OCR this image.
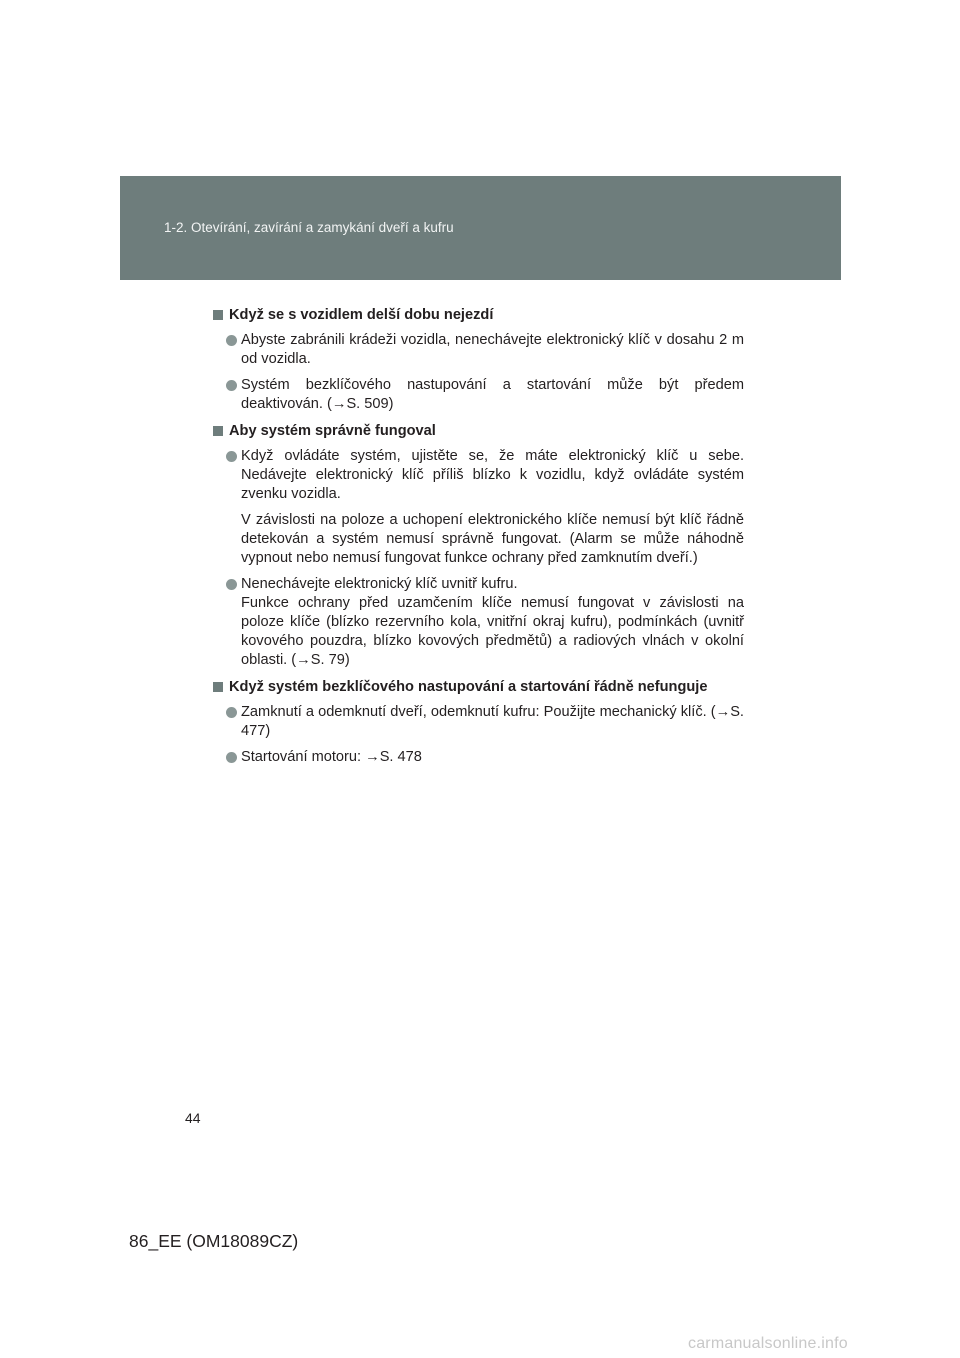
1-2. Otevírání, zavírání a zamykání dveří a kufru
Když se s vozidlem delší dobu nejezdí

Abyste zabránili krádeži vozidla, nenechávejte elektronický klíč v dosahu 2 m od vozidla.

Systém bezklíčového nastupování a startování může být předem deaktivován. (→S. 509)

Aby systém správně fungoval

Když ovládáte systém, ujistěte se, že máte elektronický klíč u sebe. Nedávejte elektronický klíč příliš blízko k vozidlu, když ovládáte systém zvenku vozidla.

V závislosti na poloze a uchopení elektronického klíče nemusí být klíč řádně detekován a systém nemusí správně fungovat. (Alarm se může náhodně vypnout nebo nemusí fungovat funkce ochrany před zamknutím dveří.)

Nenechávejte elektronický klíč uvnitř kufru.

Funkce ochrany před uzamčením klíče nemusí fungovat v závislosti na poloze klíče (blízko rezervního kola, vnitřní okraj kufru), podmínkách (uvnitř kovového pouzdra, blízko kovových předmětů) a radiových vlnách v okolní oblasti. (→S. 79)

Když systém bezklíčového nastupování a startování řádně nefunguje

Zamknutí a odemknutí dveří, odemknutí kufru: Použijte mechanický klíč. (→S. 477)

Startování motoru: →S. 478

44
86_EE (OM18089CZ)
carmanualsonline.info
